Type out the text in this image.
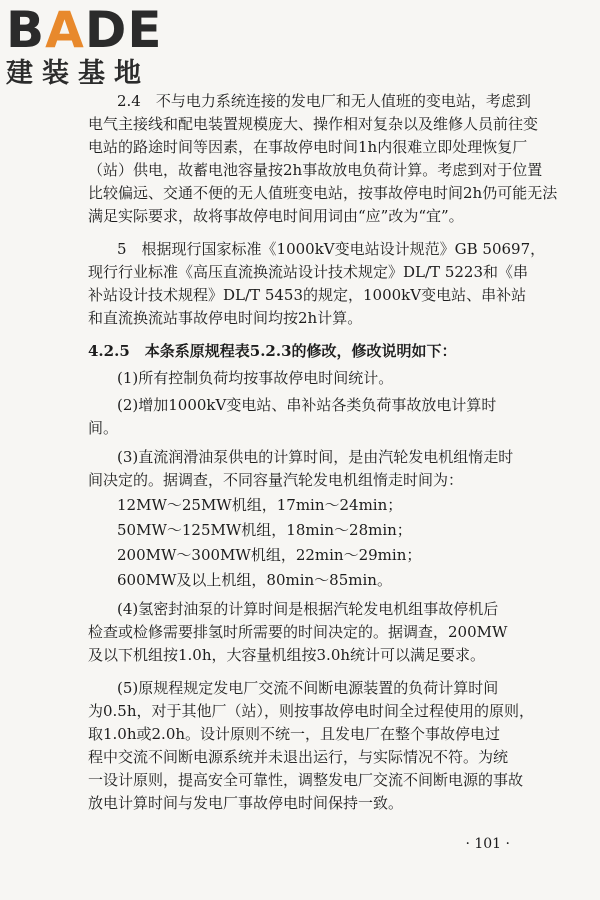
BADE
建装基地
2.4　不与电力系统连接的发电厂和无人值班的变电站，考虑到
电气主接线和配电装置规模庞大、操作相对复杂以及维修人员前往变
电站的路途时间等因素，在事故停电时间1h内很难立即处理恢复厂
（站）供电，故蓄电池容量按2h事故放电负荷计算。考虑到对于位置
比较偏远、交通不便的无人值班变电站，按事故停电时间2h仍可能无法
满足实际要求，故将事故停电时间用词由“应”改为“宜”。
5　根据现行国家标准《1000kV变电站设计规范》GB 50697，
现行行业标准《高压直流换流站设计技术规定》DL/T 5223和《串
补站设计技术规程》DL/T 5453的规定，1000kV变电站、串补站
和直流换流站事故停电时间均按2h计算。
4.2.5　本条系原规程表5.2.3的修改，修改说明如下：
(1)所有控制负荷均按事故停电时间统计。
(2)增加1000kV变电站、串补站各类负荷事故放电计算时
间。
(3)直流润滑油泵供电的计算时间，是由汽轮发电机组惰走时
间决定的。据调查，不同容量汽轮发电机组惰走时间为：
12MW～25MW机组，17min～24min；
50MW～125MW机组，18min～28min；
200MW～300MW机组，22min～29min；
600MW及以上机组，80min～85min。
(4)氢密封油泵的计算时间是根据汽轮发电机组事故停机后
检查或检修需要排氢时所需要的时间决定的。据调查，200MW
及以下机组按1.0h，大容量机组按3.0h统计可以满足要求。
(5)原规程规定发电厂交流不间断电源装置的负荷计算时间
为0.5h，对于其他厂（站），则按事故停电时间全过程使用的原则，
取1.0h或2.0h。设计原则不统一，且发电厂在整个事故停电过
程中交流不间断电源系统并未退出运行，与实际情况不符。为统
一设计原则，提高安全可靠性，调整发电厂交流不间断电源的事故
放电计算时间与发电厂事故停电时间保持一致。
· 101 ·
